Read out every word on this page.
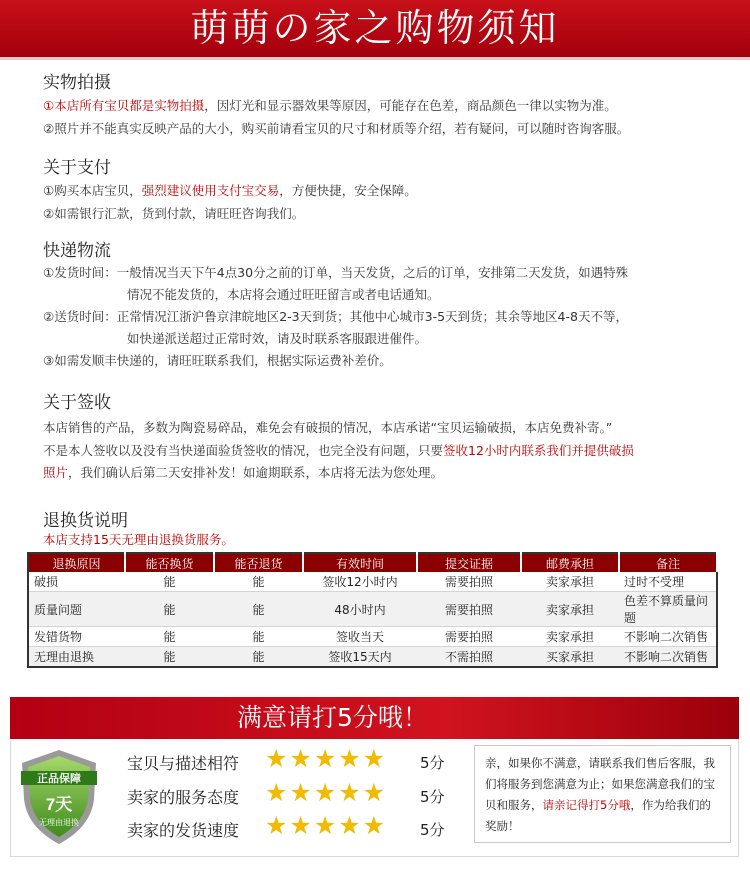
萌萌の家之购物须知
实物拍摄
①本店所有宝贝都是实物拍摄，因灯光和显示器效果等原因，可能存在色差，商品颜色一律以实物为准。
②照片并不能真实反映产品的大小，购买前请看宝贝的尺寸和材质等介绍，若有疑问，可以随时咨询客服。
关于支付
①购买本店宝贝，强烈建议使用支付宝交易，方便快捷，安全保障。
②如需银行汇款，货到付款，请旺旺咨询我们。
快递物流
①发货时间：一般情况当天下午4点30分之前的订单，当天发货，之后的订单，安排第二天发货，如遇特殊
情况不能发货的，本店将会通过旺旺留言或者电话通知。
②送货时间：正常情况江浙沪鲁京津皖地区2-3天到货；其他中心城市3-5天到货；其余等地区4-8天不等，
如快递派送超过正常时效，请及时联系客服跟进催件。
③如需发顺丰快递的，请旺旺联系我们，根据实际运费补差价。
关于签收
本店销售的产品，多数为陶瓷易碎品，难免会有破损的情况，本店承诺“宝贝运输破损，本店免费补寄。”
不是本人签收以及没有当快递面验货签收的情况，也完全没有问题，只要签收12小时内联系我们并提供破损
照片，我们确认后第二天安排补发！如逾期联系，本店将无法为您处理。
退换货说明
本店支持15天无理由退换货服务。
退换原因	能否换货	能否退货	有效时间	提交证据	邮费承担	备注
破损	能	能	签收12小时内	需要拍照	卖家承担	过时不受理
质量问题	能	能	48小时内	需要拍照	卖家承担	色差不算质量问题
发错货物	能	能	签收当天	需要拍照	卖家承担	不影响二次销售
无理由退换	能	能	签收15天内	不需拍照	买家承担	不影响二次销售
满意请打5分哦！
正品保障
7天
无理由退换
宝贝与描述相符 ★★★★★ 5分
卖家的服务态度 ★★★★★ 5分
卖家的发货速度 ★★★★★ 5分
亲，如果你不满意，请联系我们售后客服，我们将服务到您满意为止；如果您满意我们的宝贝和服务，请亲记得打5分哦，作为给我们的奖励！
